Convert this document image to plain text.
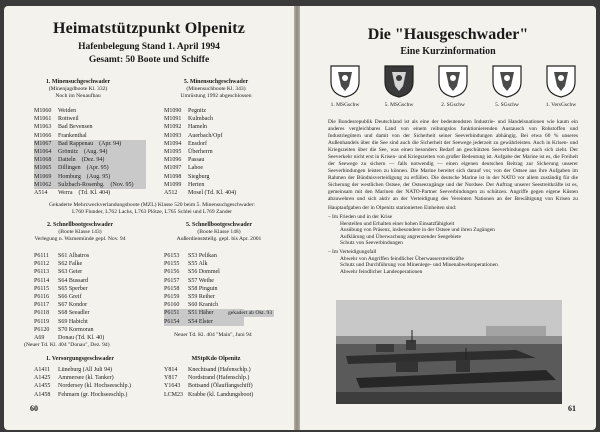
Heimatstützpunkt Olpenitz
Hafenbelegung Stand 1. April 1994
Gesamt: 50 Boote und Schiffe
1. Minensuchgeschwader
(Minenjagdboote Kl. 332)
Noch im Neuaufbau
M1060 Weiden
M1061 Rottweil
M1063 Bad Bevensen
M1066 Frankenthal
M1067 Bad Rappenau (Apr. 94)
M1064 Grömitz (Aug. 94)
M1068 Datteln (Dez. 94)
M1065 Dillingen (Apr. 95)
M1069 Homburg (Aug. 95)
M1062 Sulzbach-Rosenbg. (Nov. 95)
A514 Werra (Td. Kl. 404)
5. Minensuchgeschwader
(Minensuchboote Kl. 343)
Umrüstung 1992 abgeschlossen
M1090 Pegnitz
M1091 Kulmbach
M1092 Hameln
M1093 Auerbach/Opf
M1094 Ensdorf
M1095 Überherrn
M1096 Passau
M1097 Laboe
M1098 Siegburg
M1099 Herten
A512 Mosel (Td. Kl. 404)
Gekaderte Mehrzweckverlandungsboote (MZL) Klasse 520 beim 5. Minensuchgeschwader:
L760 Flunder, L762 Lachs, L763 Plötze, L765 Schlei und L769 Zander
2. Schnellbootgeschwader
(Boote Klasse 143)
Verlegung n. Warnemünde gepl. Nov. 94
P6111 S61 Albatros
P6112 S62 Falke
P6113 S63 Geier
P6114 S64 Bussard
P6115 S65 Sperber
P6116 S66 Greif
P6117 S67 Kondor
P6118 S68 Seeadler
P6119 S69 Habicht
P6120 S70 Kormoran
A69 Donau (Td. Kl. 40)
(Neuer Td. Kl. 404 "Donau", Dez. 94)
5. Schnellbootgeschwader
(Boote Klasse 148)
Außerdienststellg. gepl. bis Apr. 2001
P6153 S53 Pelikan
P6155 S55 Alk
P6156 S56 Dommel
P6157 S57 Weihe
P6158 S58 Pinguin
P6159 S59 Reiher
P6160 S60 Kranich
P6151 S51 Häher
P6154 S54 Elster
gekadert ab Okt. 93
Neuer Td. Kl. 404 "Main", Juni 94
1. Versorgungsgeschwader
A1411 Lüneburg (All Juli 94)
A1425 Ammersee (kl. Tanker)
A1455 Nordersey (kl. Hochseeschlp.)
A1458 Fehmarn (gr. Hochseeschlp.)
MStpKdo Olpenitz
Y814 Knechtsand (Hafenschlp.)
Y817 Nordstrand (Hafenschlp.)
Y1643 Bottsand (Ölauffangschiff)
LCM23 Krabbe (kl. Landungsboot)
60
Die "Hausgeschwader"
Eine Kurzinformation
1. MSGschw	5. MSGschw	2. SGschw	5. SGschw	1. VersGschw
Die Bundesrepublik Deutschland ist als eine der bedeutendsten Industrie- und Handelsnationen wie kaum ein anderes vergleichbares Land von einem reibungslos funktionierenden Austausch von Rohstoffen und Industriegütern und damit von der Sicherheit seiner Seeverbindungen abhängig. Bei etwa 60 % unseres Außenhandels über die See sind auch die Sicherheit der Seewege jederzeit zu gewährleisten. Auch in Krisen- und Kriegszeiten über die See, was einen besonders Bedarf an geschützten Seeverbindungen nach sich zieht. Der Seeverkehr nicht erst in Krisen- und Kriegszeiten von großer Bedeutung ist. Aufgabe der Marine ist es, die Freiheit der Seewege zu sichern — falls notwendig — einen eigenen deutschen Beitrag zur Sicherung unserer Seeverbindungen leisten zu können. Die Marine bereitet sich darauf vor, von der Ostsee aus ihre Aufgaben im Rahmen der Bündnisverteidigung zu erfüllen. Die deutsche Marine ist in der NATO vor allem zuständig für die Sicherung der westlichen Ostsee, der Ostseezugänge und der Nordsee. Der Auftrag unserer Seestreitkräfte ist es, gemeinsam mit den Marinen der NATO-Partner Seeverbindungen zu schützen. Angriffe gegen eigene Küsten abzuwehren und sich aktiv an der Verteidigung des Vereinten Nationen an der Bewältigung von Krisen zu
Hauptaufgaben der in Olpenitz stationierten Einheiten sind:
– Im Frieden und in der Krise
Herstellen und Erhalten einer hohen Einsatzfähigkeit
Ausübung von Präsenz, insbesondere in der Ostsee und ihren Zugängen
Aufklärung und Überwachung angrenzender Seegebiete
Schutz von Seeverbindungen
– Im Verteidigungsfall
Abwehr von Angriffen feindlicher Überwasserstreitkräfte
Schutz und Durchführung von Minenlege- und Minenabwehroperationen
Abwehr feindlicher Landeoperationen
61
